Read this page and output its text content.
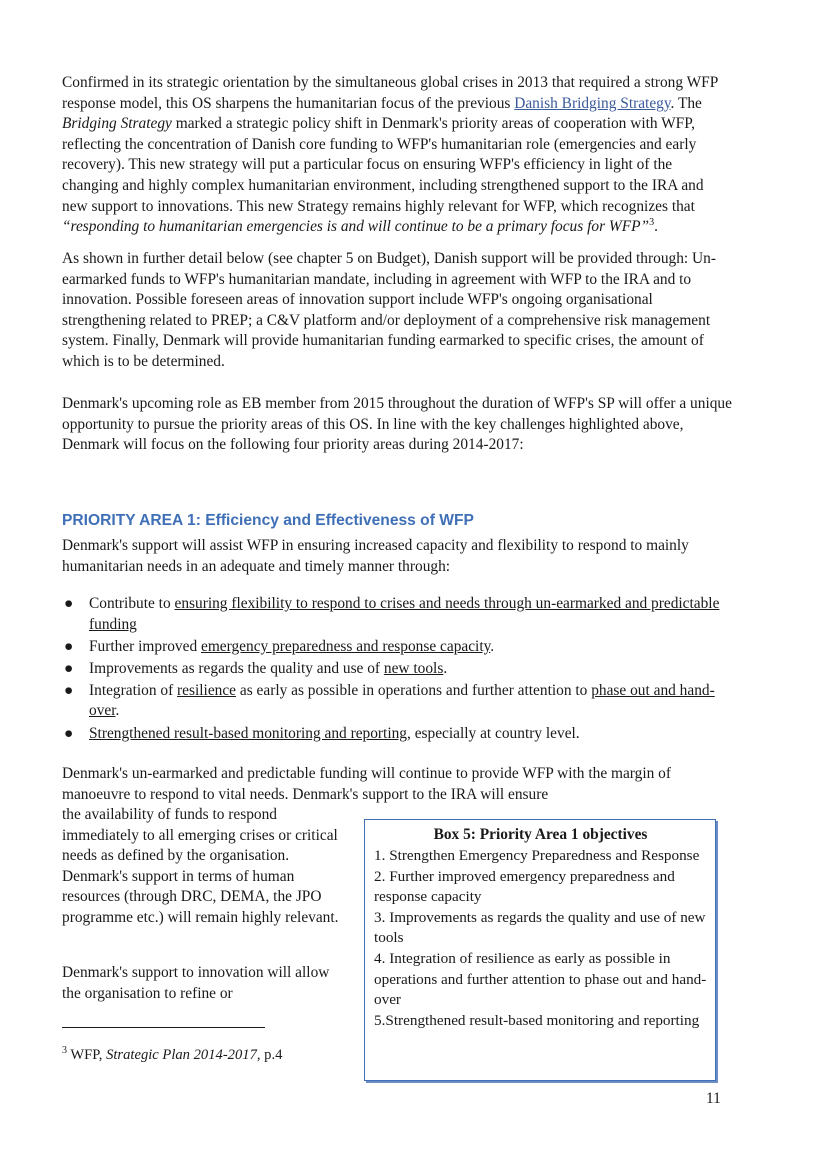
Confirmed in its strategic orientation by the simultaneous global crises in 2013 that required a strong WFP response model, this OS sharpens the humanitarian focus of the previous Danish Bridging Strategy. The Bridging Strategy marked a strategic policy shift in Denmark's priority areas of cooperation with WFP, reflecting the concentration of Danish core funding to WFP's humanitarian role (emergencies and early recovery). This new strategy will put a particular focus on ensuring WFP's efficiency in light of the changing and highly complex humanitarian environment, including strengthened support to the IRA and new support to innovations. This new Strategy remains highly relevant for WFP, which recognizes that “responding to humanitarian emergencies is and will continue to be a primary focus for WFP”$^3$.

As shown in further detail below (see chapter 5 on Budget), Danish support will be provided through: Un-earmarked funds to WFP's humanitarian mandate, including in agreement with WFP to the IRA and to innovation. Possible foreseen areas of innovation support include WFP's ongoing organisational strengthening related to PREP; a C&V platform and/or deployment of a comprehensive risk management system. Finally, Denmark will provide humanitarian funding earmarked to specific crises, the amount of which is to be determined.

Denmark's upcoming role as EB member from 2015 throughout the duration of WFP's SP will offer a unique opportunity to pursue the priority areas of this OS. In line with the key challenges highlighted above, Denmark will focus on the following four priority areas during 2014-2017:

PRIORITY AREA 1: Efficiency and Effectiveness of WFP

Denmark's support will assist WFP in ensuring increased capacity and flexibility to respond to mainly humanitarian needs in an adequate and timely manner through:

● Contribute to ensuring flexibility to respond to crises and needs through un-earmarked and predictable funding
● Further improved emergency preparedness and response capacity.
● Improvements as regards the quality and use of new tools.
● Integration of resilience as early as possible in operations and further attention to phase out and hand-over.
● Strengthened result-based monitoring and reporting, especially at country level.

Denmark's un-earmarked and predictable funding will continue to provide WFP with the margin of manoeuvre to respond to vital needs. Denmark's support to the IRA will ensure

the availability of funds to respond immediately to all emerging crises or critical needs as defined by the organisation. Denmark's support in terms of human resources (through DRC, DEMA, the JPO programme etc.) will remain highly relevant.

Denmark's support to innovation will allow the organisation to refine or

$^3$ WFP, Strategic Plan 2014-2017, p.4

Box 5: Priority Area 1 objectives

1. Strengthen Emergency Preparedness and Response

2. Further improved emergency preparedness and response capacity

3. Improvements as regards the quality and use of new tools

4. Integration of resilience as early as possible in operations and further attention to phase out and hand-over

5.Strengthened result-based monitoring and reporting

11
